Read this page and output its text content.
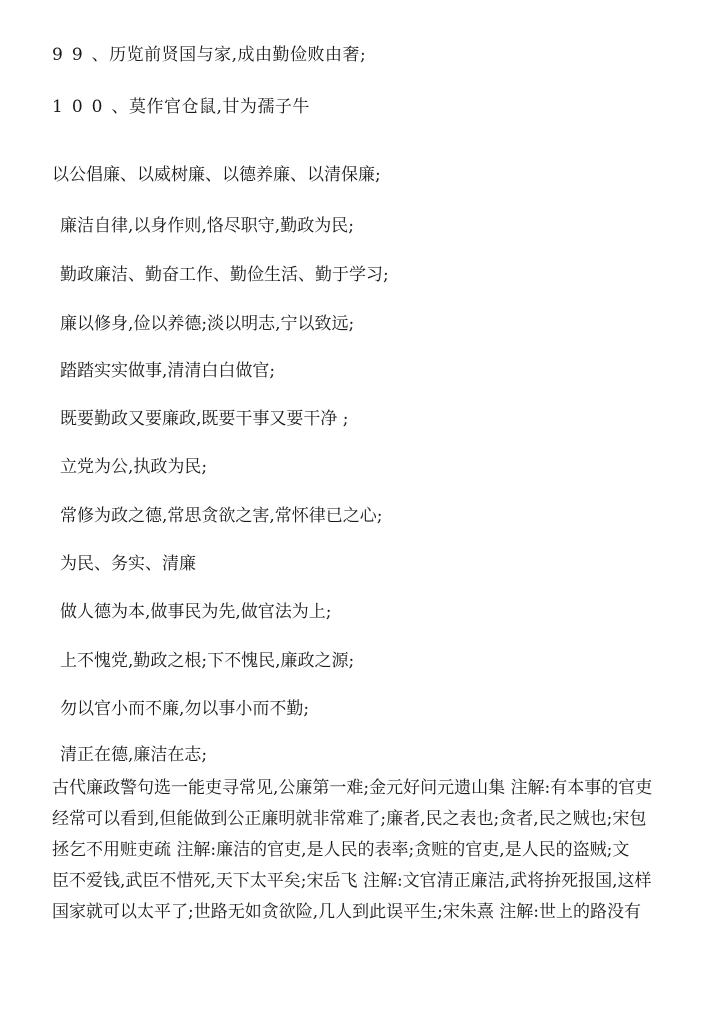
99、历览前贤国与家,成由勤俭败由奢;
100、莫作官仓鼠,甘为孺子牛
以公倡廉、以威树廉、以德养廉、以清保廉;
廉洁自律,以身作则,恪尽职守,勤政为民;
勤政廉洁、勤奋工作、勤俭生活、勤于学习;
廉以修身,俭以养德;淡以明志,宁以致远;
踏踏实实做事,清清白白做官;
既要勤政又要廉政,既要干事又要干净 ;
立党为公,执政为民;
常修为政之德,常思贪欲之害,常怀律已之心;
为民、务实、清廉
做人德为本,做事民为先,做官法为上;
上不愧党,勤政之根;下不愧民,廉政之源;
勿以官小而不廉,勿以事小而不勤;
清正在德,廉洁在志;
古代廉政警句选一能吏寻常见,公廉第一难;金元好问元遗山集 注解:有本事的官吏
经常可以看到,但能做到公正廉明就非常难了;廉者,民之表也;贪者,民之贼也;宋包
拯乞不用赃吏疏 注解:廉洁的官吏,是人民的表率;贪赃的官吏,是人民的盗贼;文
臣不爱钱,武臣不惜死,天下太平矣;宋岳飞 注解:文官清正廉洁,武将拚死报国,这样
国家就可以太平了;世路无如贪欲险,几人到此误平生;宋朱熹 注解:世上的路没有
